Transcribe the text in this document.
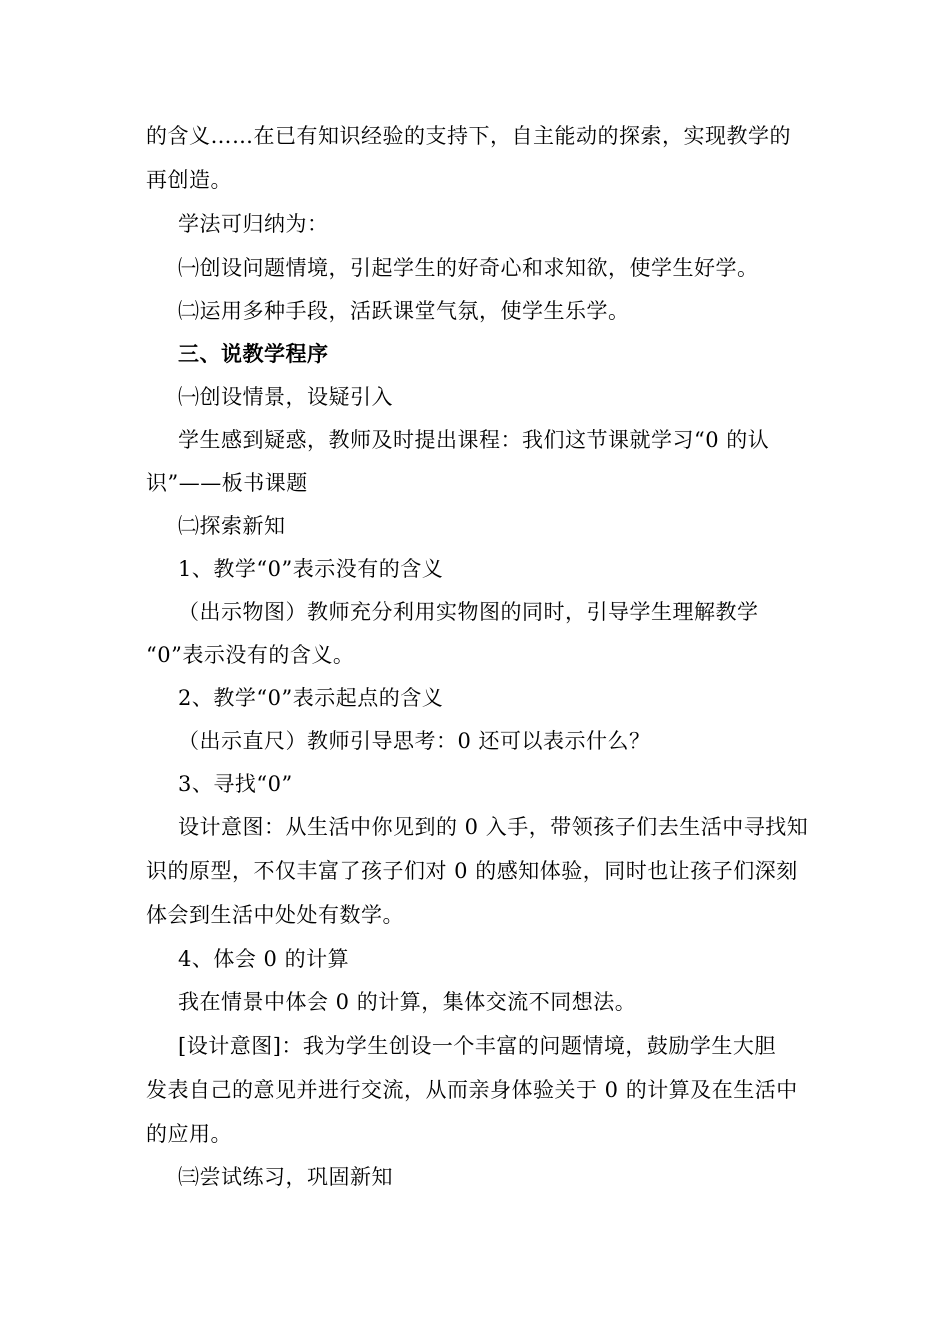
的含义……在已有知识经验的支持下，自主能动的探索，实现教学的
再创造。
学法可归纳为：
㈠创设问题情境，引起学生的好奇心和求知欲，使学生好学。
㈡运用多种手段，活跃课堂气氛，使学生乐学。
三、说教学程序
㈠创设情景，设疑引入
学生感到疑惑，教师及时提出课程：我们这节课就学习“0 的认
识”——板书课题
㈡探索新知
1、教学“0”表示没有的含义
（出示物图）教师充分利用实物图的同时，引导学生理解教学
“0”表示没有的含义。
2、教学“0”表示起点的含义
（出示直尺）教师引导思考：0 还可以表示什么？
3、寻找“0”
设计意图：从生活中你见到的 0 入手，带领孩子们去生活中寻找知
识的原型，不仅丰富了孩子们对 0 的感知体验，同时也让孩子们深刻
体会到生活中处处有数学。
4、体会 0 的计算
我在情景中体会 0 的计算，集体交流不同想法。
[设计意图]：我为学生创设一个丰富的问题情境，鼓励学生大胆
发表自己的意见并进行交流，从而亲身体验关于 0 的计算及在生活中
的应用。
㈢尝试练习，巩固新知
